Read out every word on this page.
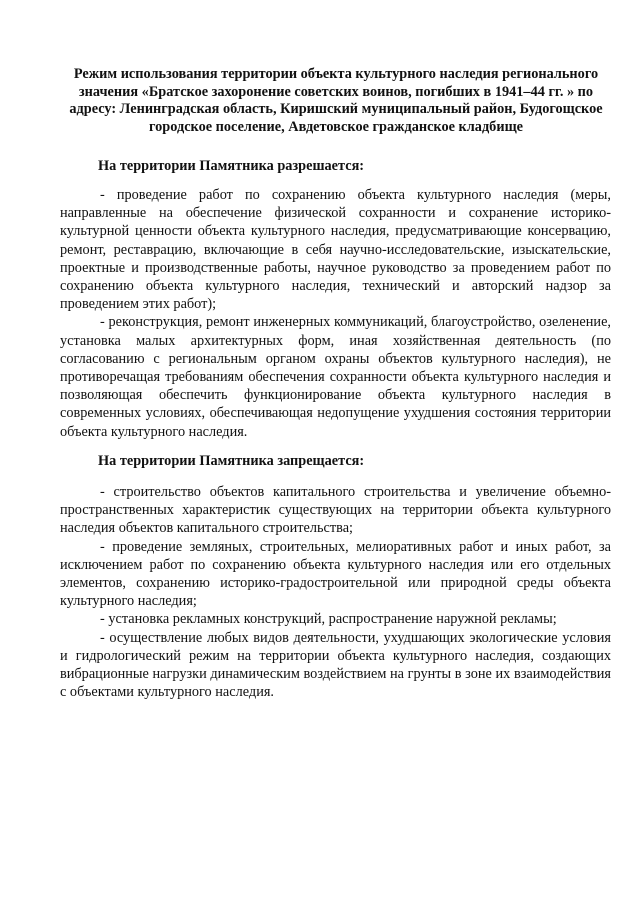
Режим использования территории объекта культурного наследия регионального значения «Братское захоронение советских воинов, погибших в 1941–44 гг. » по адресу: Ленинградская область, Киришский муниципальный район, Будогощское городское поселение, Авдетовское гражданское кладбище

На территории Памятника разрешается:

- проведение работ по сохранению объекта культурного наследия (меры, направленные на обеспечение физической сохранности и сохранение историко-культурной ценности объекта культурного наследия, предусматривающие консервацию, ремонт, реставрацию, включающие в себя научно-исследовательские, изыскательские, проектные и производственные работы, научное руководство за проведением работ по сохранению объекта культурного наследия, технический и авторский надзор за проведением этих работ);

- реконструкция, ремонт инженерных коммуникаций, благоустройство, озеленение, установка малых архитектурных форм, иная хозяйственная деятельность (по согласованию с региональным органом охраны объектов культурного наследия), не противоречащая требованиям обеспечения сохранности объекта культурного наследия и позволяющая обеспечить функционирование объекта культурного наследия в современных условиях, обеспечивающая недопущение ухудшения состояния территории объекта культурного наследия.

На территории Памятника запрещается:

- строительство объектов капитального строительства и увеличение объемно-пространственных характеристик существующих на территории объекта культурного наследия объектов капитального строительства;

- проведение земляных, строительных, мелиоративных работ и иных работ, за исключением работ по сохранению объекта культурного наследия или его отдельных элементов, сохранению историко-градостроительной или природной среды объекта культурного наследия;

- установка рекламных конструкций, распространение наружной рекламы;

- осуществление любых видов деятельности, ухудшающих экологические условия и гидрологический режим на территории объекта культурного наследия, создающих вибрационные нагрузки динамическим воздействием на грунты в зоне их взаимодействия с объектами культурного наследия.
